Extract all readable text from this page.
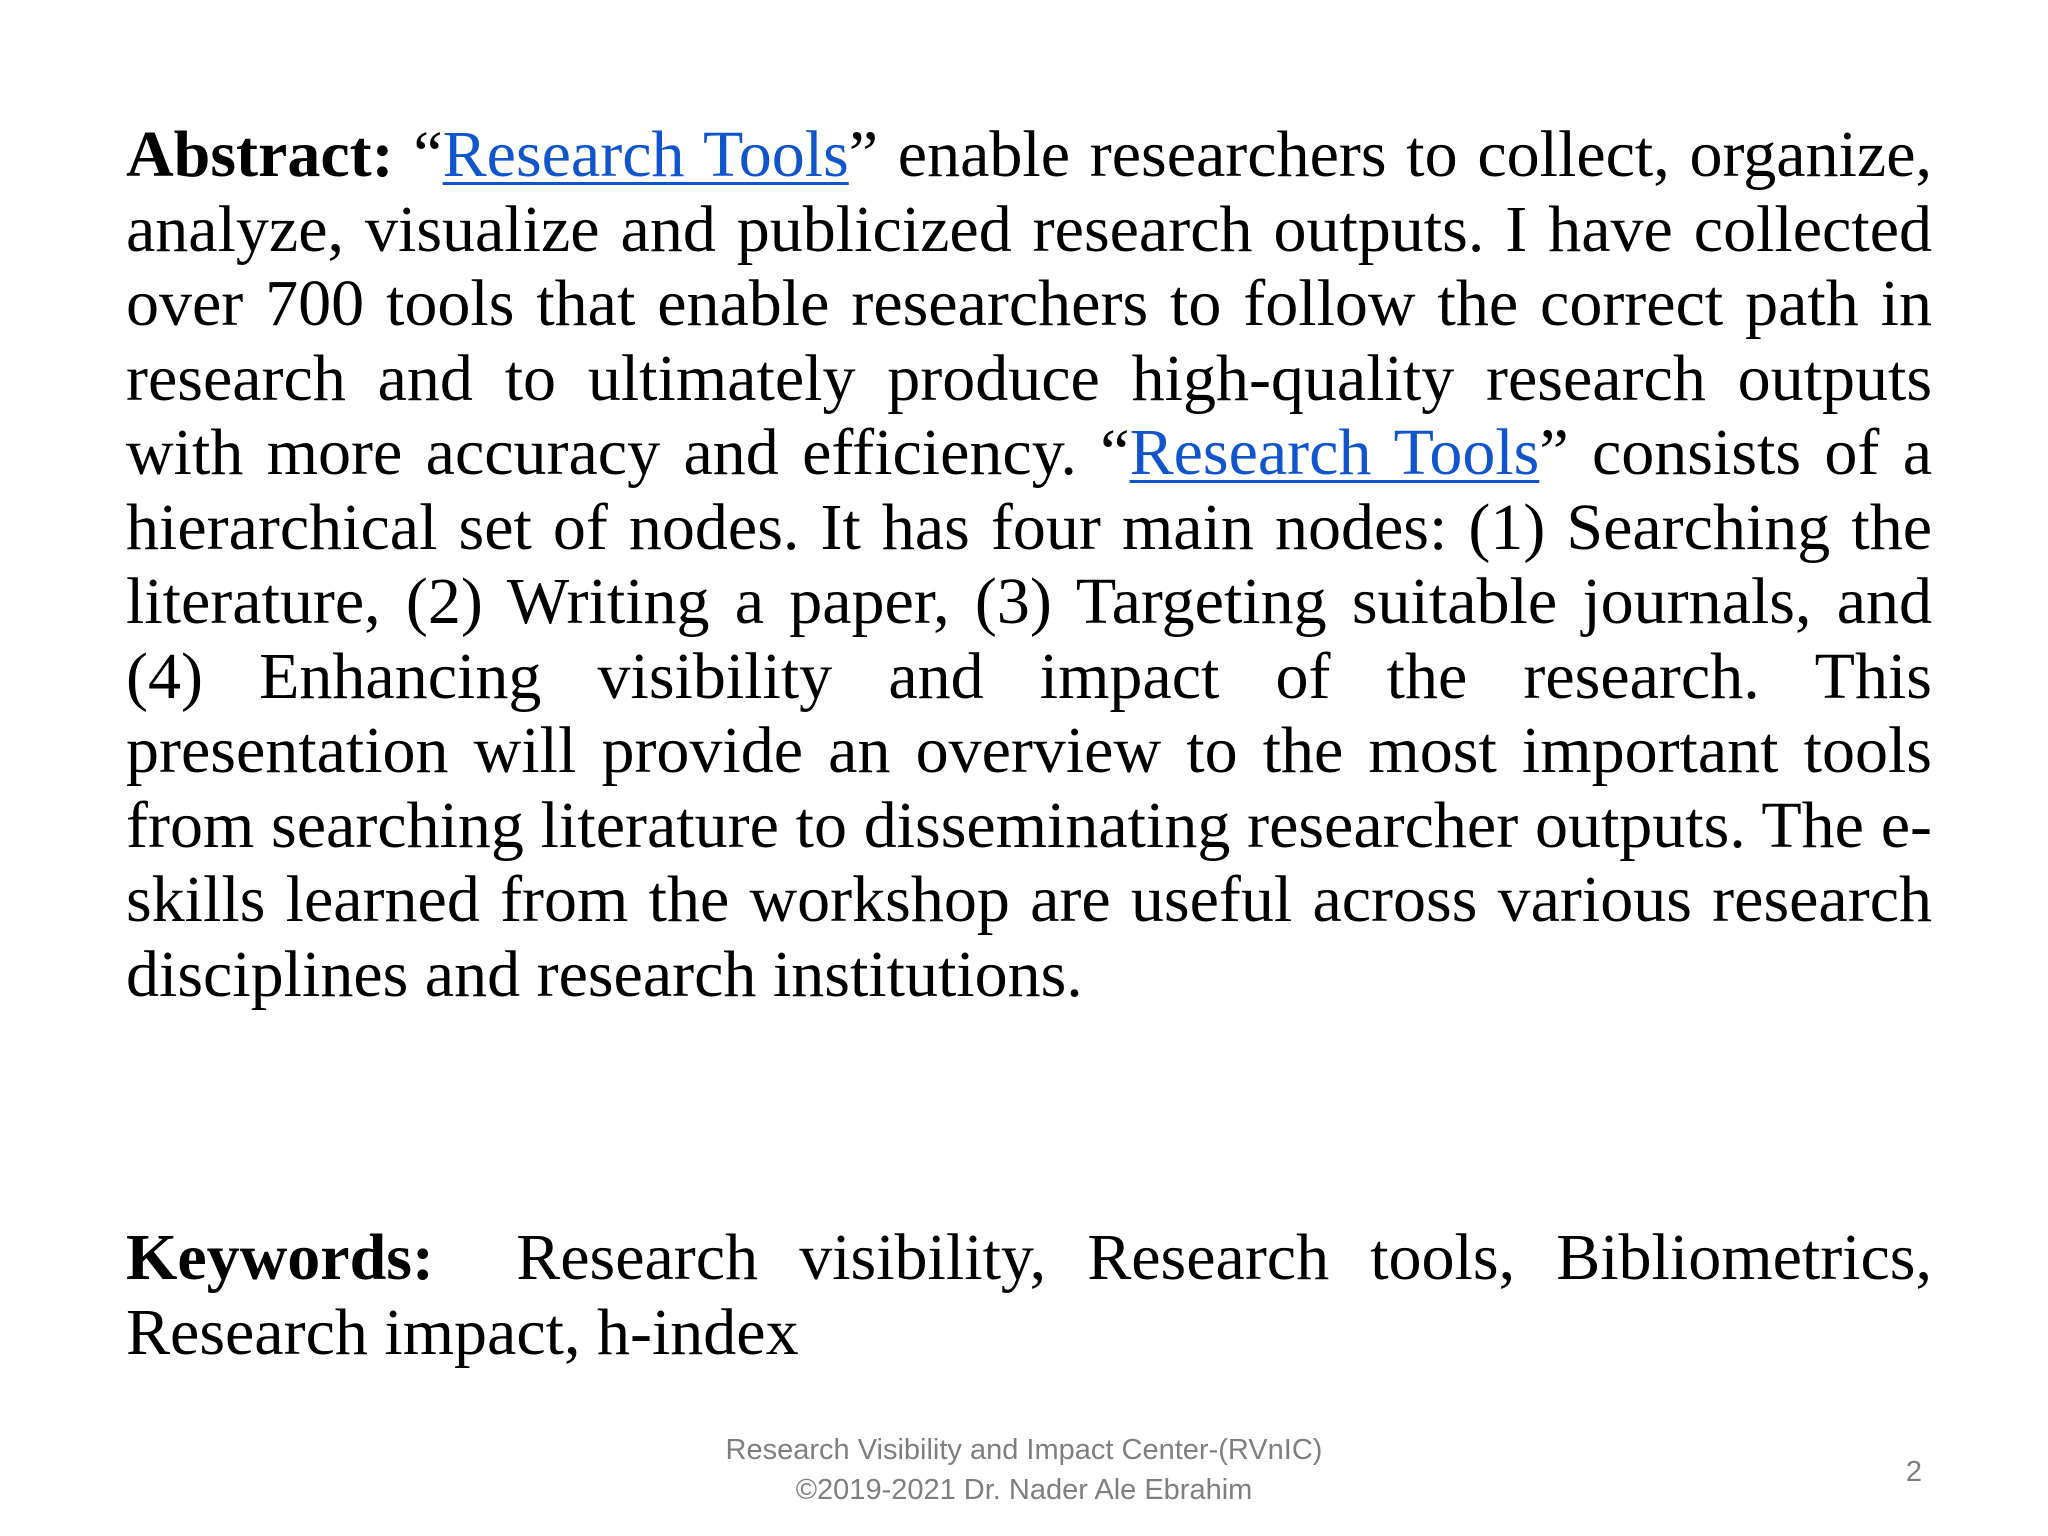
Abstract: “Research Tools” enable researchers to collect, organize, analyze, visualize and publicized research outputs. I have collected over 700 tools that enable researchers to follow the correct path in research and to ultimately produce high-quality research outputs with more accuracy and efficiency. “Research Tools” consists of a hierarchical set of nodes. It has four main nodes: (1) Searching the literature, (2) Writing a paper, (3) Targeting suitable journals, and (4) Enhancing visibility and impact of the research. This presentation will provide an overview to the most important tools from searching literature to disseminating researcher outputs. The e-skills learned from the workshop are useful across various research disciplines and research institutions.
Keywords:  Research visibility, Research tools, Bibliometrics, Research impact, h-index
Research Visibility and Impact Center-(RVnIC)
©2019-2021 Dr. Nader Ale Ebrahim
2
